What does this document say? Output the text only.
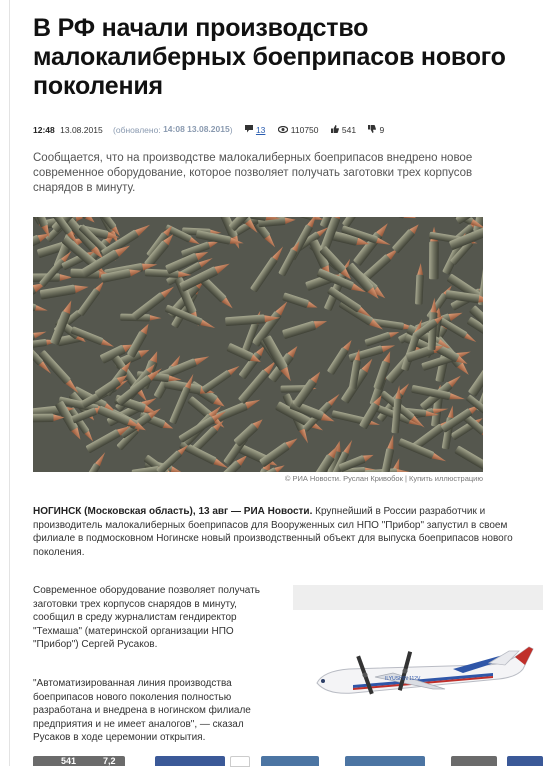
В РФ начали производство малокалиберных боеприпасов нового поколения
12:48 13.08.2015 (обновлено: 14:08 13.08.2015)	13	110750	541	9

Сообщается, что на производстве малокалиберных боеприпасов внедрено новое современное оборудование, которое позволяет получать заготовки трех корпусов снарядов в минуту.

© РИА Новости. Руслан Кривобок | Купить иллюстрацию

НОГИНСК (Московская область), 13 авг — РИА Новости. Крупнейший в России разработчик и производитель малокалиберных боеприпасов для Вооруженных сил НПО "Прибор" запустил в своем филиале в подмосковном Ногинске новый производственный объект для выпуска боеприпасов нового поколения.

Современное оборудование позволяет получать заготовки трех корпусов снарядов в минуту, сообщил в среду журналистам гендиректор "Техмаша" (материнской организации НПО "Прибор") Сергей Русаков.

"Автоматизированная линия производства боеприпасов нового поколения полностью разработана и внедрена в ногинском филиале предприятия и не имеет аналогов", — сказал Русаков в ходе церемонии открытия.

ILYUSHIN 112V
541	7,2
